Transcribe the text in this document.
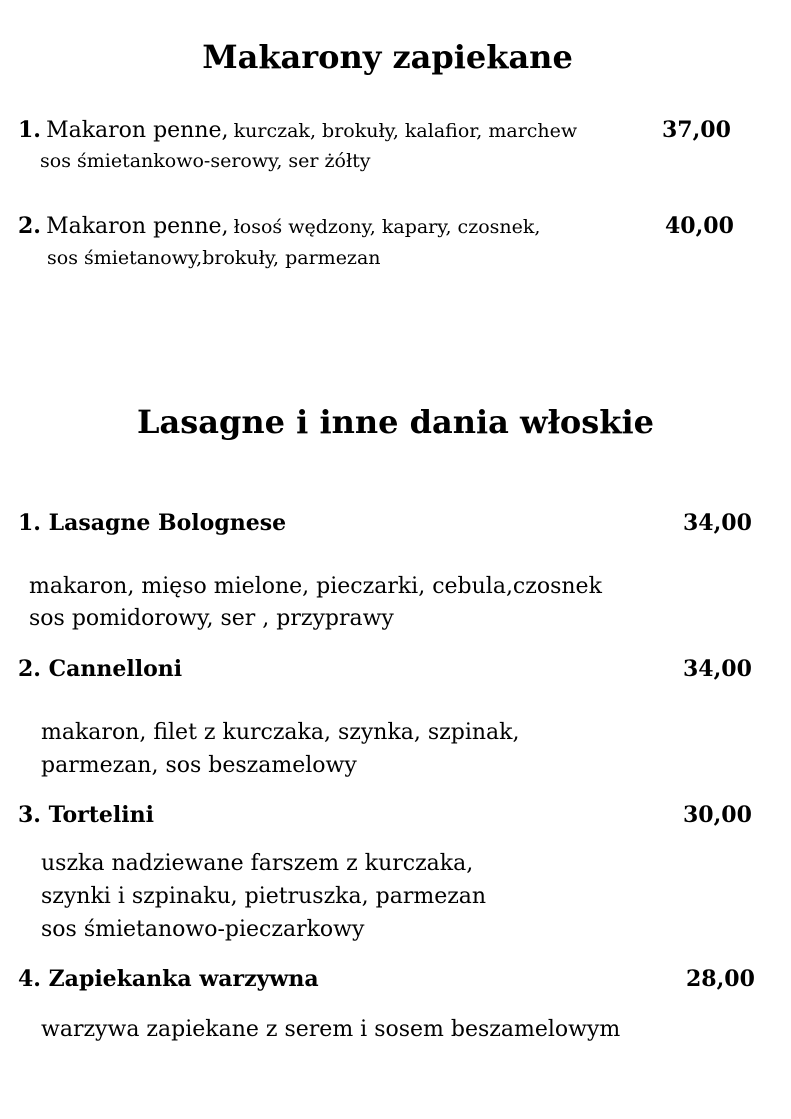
Makarony zapiekane
1. Makaron penne, kurczak, brokuły, kalafior, marchew	37,00
sos śmietankowo-serowy, ser żółty
2. Makaron penne, łosoś wędzony, kapary, czosnek,	40,00
sos śmietanowy,brokuły, parmezan
Lasagne i inne dania włoskie
1. Lasagne Bolognese	34,00
makaron, mięso mielone, pieczarki, cebula,czosnek
sos pomidorowy, ser , przyprawy
2. Cannelloni	34,00
makaron, filet z kurczaka, szynka, szpinak,
parmezan, sos beszamelowy
3. Tortelini	30,00
uszka nadziewane farszem z kurczaka,
szynki i szpinaku, pietruszka, parmezan
sos śmietanowo-pieczarkowy
4. Zapiekanka warzywna	28,00
warzywa zapiekane z serem i sosem beszamelowym
